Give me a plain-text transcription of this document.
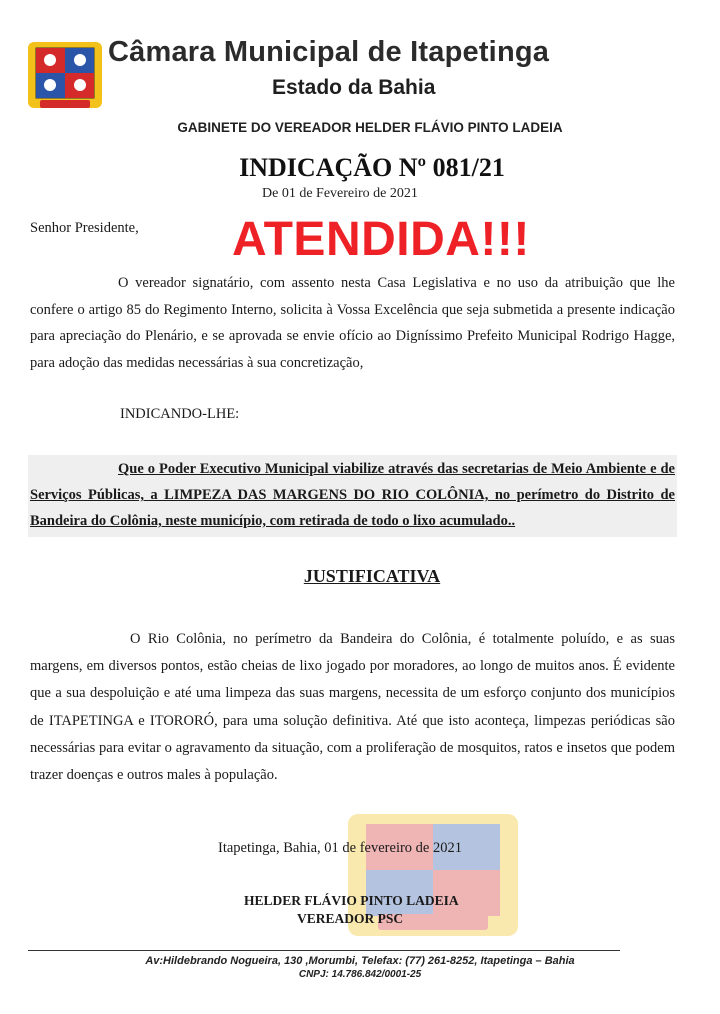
Câmara Municipal de Itapetinga
Estado da Bahia
GABINETE DO VEREADOR HELDER FLÁVIO PINTO LADEIA
INDICAÇÃO Nº 081/21
De 01 de Fevereiro de 2021
Senhor Presidente, ATENDIDA!!!

O vereador signatário, com assento nesta Casa Legislativa e no uso da atribuição que lhe confere o artigo 85 do Regimento Interno, solicita à Vossa Excelência que seja submetida a presente indicação para apreciação do Plenário, e se aprovada se envie ofício ao Digníssimo Prefeito Municipal Rodrigo Hagge, para adoção das medidas necessárias à sua concretização,

INDICANDO-LHE:
Que o Poder Executivo Municipal viabilize através das secretarias de Meio Ambiente e de Serviços Públicas, a LIMPEZA DAS MARGENS DO RIO COLÔNIA, no perímetro do Distrito de Bandeira do Colônia, neste município, com retirada de todo o lixo acumulado..
JUSTIFICATIVA

O Rio Colônia, no perímetro da Bandeira do Colônia, é totalmente poluído, e as suas margens, em diversos pontos, estão cheias de lixo jogado por moradores, ao longo de muitos anos. É evidente que a sua despoluição e até uma limpeza das suas margens, necessita de um esforço conjunto dos municípios de ITAPETINGA e ITORORÓ, para uma solução definitiva. Até que isto aconteça, limpezas periódicas são necessárias para evitar o agravamento da situação, com a proliferação de mosquitos, ratos e insetos que podem trazer doenças e outros males à população.

Itapetinga, Bahia, 01 de fevereiro de 2021
HELDER FLÁVIO PINTO LADEIA
VEREADOR PSC
Av:Hildebrando Nogueira, 130 ,Morumbi, Telefax: (77) 261-8252, Itapetinga – Bahia
CNPJ: 14.786.842/0001-25
